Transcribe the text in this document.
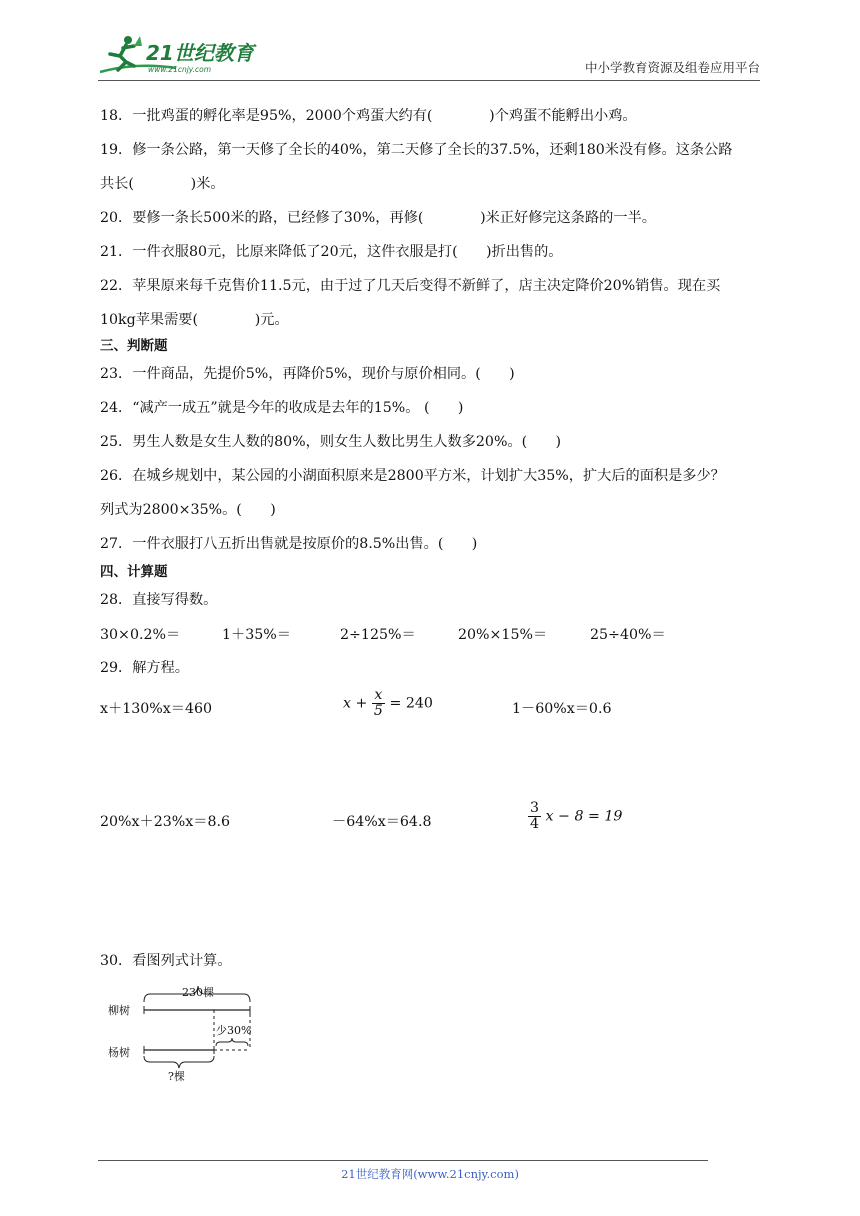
21世纪教育
www.21cnjy.com	中小学教育资源及组卷应用平台
18．一批鸡蛋的孵化率是95%，2000个鸡蛋大约有(　　　　)个鸡蛋不能孵出小鸡。
19．修一条公路，第一天修了全长的40%，第二天修了全长的37.5%，还剩180米没有修。这条公路
共长(　　　　)米。
20．要修一条长500米的路，已经修了30%，再修(　　　　)米正好修完这条路的一半。
21．一件衣服80元，比原来降低了20元，这件衣服是打(　　)折出售的。
22．苹果原来每千克售价11.5元，由于过了几天后变得不新鲜了，店主决定降价20%销售。现在买
10kg苹果需要(　　　　)元。
三、判断题
23．一件商品，先提价5%，再降价5%，现价与原价相同。(　　)
24．“减产一成五”就是今年的收成是去年的15%。 (　　)
25．男生人数是女生人数的80%，则女生人数比男生人数多20%。(　　)
26．在城乡规划中，某公园的小湖面积原来是2800平方米，计划扩大35%，扩大后的面积是多少？
列式为2800×35%。(　　)
27．一件衣服打八五折出售就是按原价的8.5%出售。(　　)
四、计算题
28．直接写得数。
30×0.2%＝	1＋35%＝	2÷125%＝	20%×15%＝	25÷40%＝
29．解方程。
x＋130%x＝460	$x + \frac{x}{5} = 240$	1－60%x＝0.6
20%x＋23%x＝8.6	－64%x＝64.8	$\frac{3}{4}$ x − 8 = 19
30．看图列式计算。
柳树
杨树
230棵
少30%
?棵
21世纪教育网(www.21cnjy.com)
